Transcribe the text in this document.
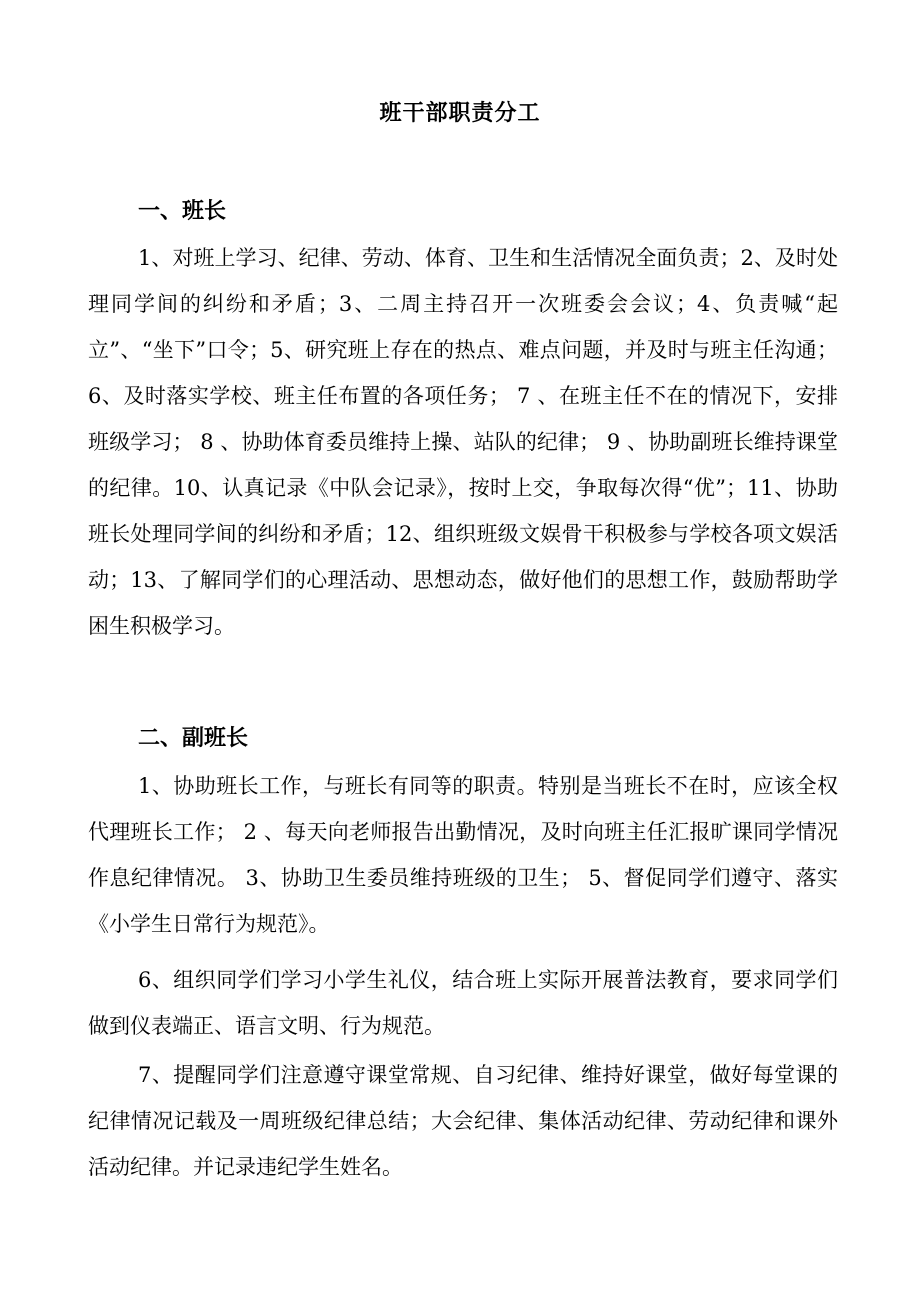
班干部职责分工
一、班长

1、对班上学习、纪律、劳动、体育、卫生和生活情况全面负责；2、及时处理同学间的纠纷和矛盾；3、二周主持召开一次班委会会议；4、负责喊“起立”、“坐下”口令；5、研究班上存在的热点、难点问题，并及时与班主任沟通；6、及时落实学校、班主任布置的各项任务； 7 、在班主任不在的情况下，安排班级学习； 8 、协助体育委员维持上操、站队的纪律； 9 、协助副班长维持课堂的纪律。10、认真记录《中队会记录》，按时上交，争取每次得“优”；11、协助班长处理同学间的纠纷和矛盾；12、组织班级文娱骨干积极参与学校各项文娱活动；13、了解同学们的心理活动、思想动态，做好他们的思想工作，鼓励帮助学困生积极学习。

二、副班长

1、协助班长工作，与班长有同等的职责。特别是当班长不在时，应该全权代理班长工作； 2 、每天向老师报告出勤情况，及时向班主任汇报旷课同学情况作息纪律情况。 3、协助卫生委员维持班级的卫生； 5、督促同学们遵守、落实《小学生日常行为规范》。

6、组织同学们学习小学生礼仪，结合班上实际开展普法教育，要求同学们做到仪表端正、语言文明、行为规范。

7、提醒同学们注意遵守课堂常规、自习纪律、维持好课堂，做好每堂课的纪律情况记载及一周班级纪律总结；大会纪律、集体活动纪律、劳动纪律和课外活动纪律。并记录违纪学生姓名。
